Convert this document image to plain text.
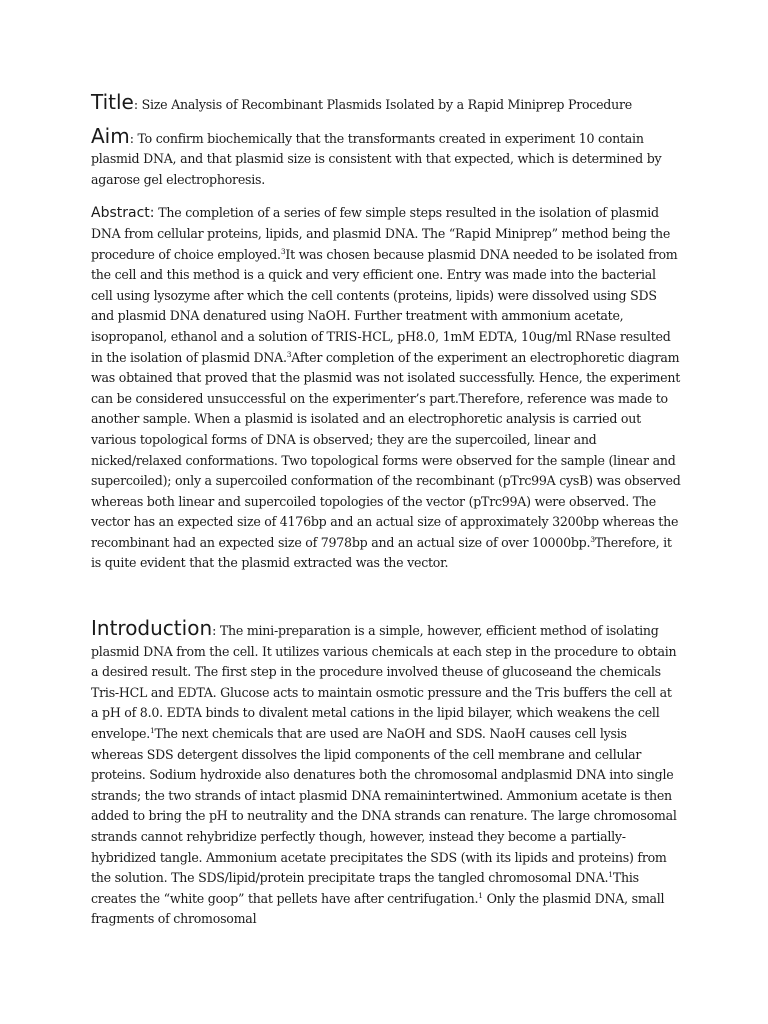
Title: Size Analysis of Recombinant Plasmids Isolated by a Rapid Miniprep Procedure

Aim: To confirm biochemically that the transformants created in experiment 10 contain plasmid DNA, and that plasmid size is consistent with that expected, which is determined by agarose gel electrophoresis.

Abstract: The completion of a series of few simple steps resulted in the isolation of plasmid DNA from cellular proteins, lipids, and plasmid DNA. The “Rapid Miniprep” method being the procedure of choice employed.$^3$It was chosen because plasmid DNA needed to be isolated from the cell and this method is a quick and very efficient one. Entry was made into the bacterial cell using lysozyme after which the cell contents (proteins, lipids) were dissolved using SDS and plasmid DNA denatured using NaOH. Further treatment with ammonium acetate, isopropanol, ethanol and a solution of TRIS-HCL, pH8.0, 1mM EDTA, 10ug/ml RNase resulted in the isolation of plasmid DNA.$^3$After completion of the experiment an electrophoretic diagram was obtained that proved that the plasmid was not isolated successfully. Hence, the experiment can be considered unsuccessful on the experimenter’s part.Therefore, reference was made to another sample. When a plasmid is isolated and an electrophoretic analysis is carried out various topological forms of DNA is observed; they are the supercoiled, linear and nicked/relaxed conformations. Two topological forms were observed for the sample (linear and supercoiled); only a supercoiled conformation of the recombinant (pTrc99A cysB) was observed whereas both linear and supercoiled topologies of the vector (pTrc99A) were observed. The vector has an expected size of 4176bp and an actual size of approximately 3200bp whereas the recombinant had an expected size of 7978bp and an actual size of over 10000bp.$^3$Therefore, it is quite evident that the plasmid extracted was the vector.

Introduction: The mini-preparation is a simple, however, efficient method of isolating plasmid DNA from the cell. It utilizes various chemicals at each step in the procedure to obtain a desired result. The first step in the procedure involved theuse of glucoseand the chemicals Tris-HCL and EDTA. Glucose acts to maintain osmotic pressure and the Tris buffers the cell at a pH of 8.0. EDTA binds to divalent metal cations in the lipid bilayer, which weakens the cell envelope.$^1$The next chemicals that are used are NaOH and SDS. NaoH causes cell lysis whereas SDS detergent dissolves the lipid components of the cell membrane and cellular proteins. Sodium hydroxide also denatures both the chromosomal andplasmid DNA into single strands; the two strands of intact plasmid DNA remainintertwined. Ammonium acetate is then added to bring the pH to neutrality and the DNA strands can renature. The large chromosomal strands cannot rehybridize perfectly though, however, instead they become a partially-hybridized tangle. Ammonium acetate precipitates the SDS (with its lipids and proteins) from the solution. The SDS/lipid/protein precipitate traps the tangled chromosomal DNA.$^1$This creates the “white goop” that pellets have after centrifugation.$^1$ Only the plasmid DNA, small fragments of chromosomal
